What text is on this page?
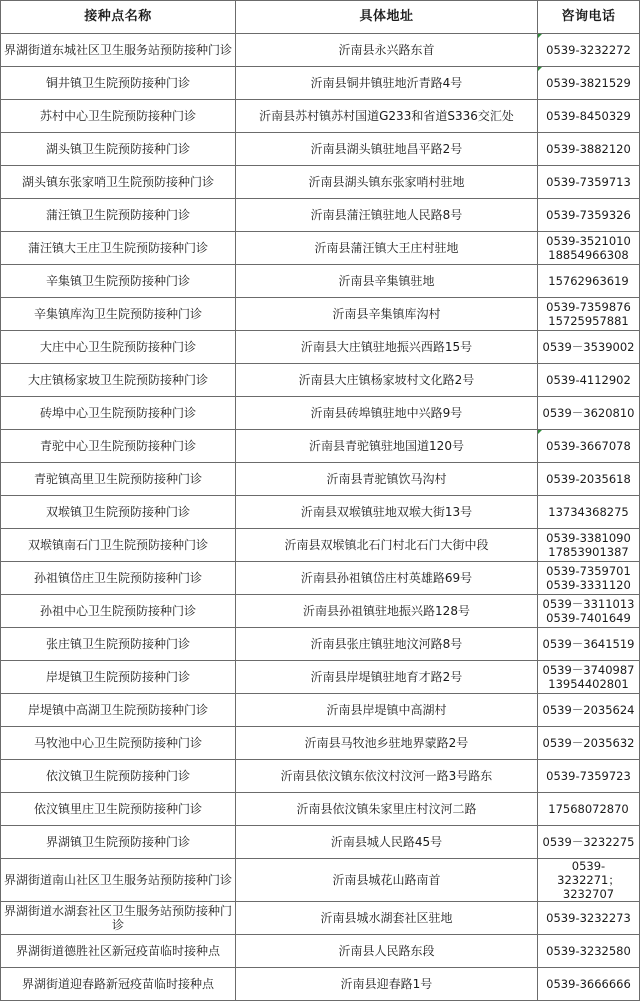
接种点名称	具体地址	咨询电话
界湖街道东城社区卫生服务站预防接种门诊	沂南县永兴路东首	0539-3232272

铜井镇卫生院预防接种门诊	沂南县铜井镇驻地沂青路4号	0539-3821529

苏村中心卫生院预防接种门诊	沂南县苏村镇苏村国道G233和省道S336交汇处	0539-8450329
湖头镇卫生院预防接种门诊	沂南县湖头镇驻地昌平路2号	0539-3882120
湖头镇东张家哨卫生院预防接种门诊	沂南县湖头镇东张家哨村驻地	0539-7359713
蒲汪镇卫生院预防接种门诊	沂南县蒲汪镇驻地人民路8号	0539-7359326
蒲汪镇大王庄卫生院预防接种门诊	沂南县蒲汪镇大王庄村驻地	0539-3521010
18854966308
辛集镇卫生院预防接种门诊	沂南县辛集镇驻地	15762963619
辛集镇库沟卫生院预防接种门诊	沂南县辛集镇库沟村	0539-7359876
15725957881
大庄中心卫生院预防接种门诊	沂南县大庄镇驻地振兴西路15号	0539－3539002
大庄镇杨家坡卫生院预防接种门诊	沂南县大庄镇杨家坡村文化路2号	0539-4112902
砖埠中心卫生院预防接种门诊	沂南县砖埠镇驻地中兴路9号	0539－3620810
青驼中心卫生院预防接种门诊	沂南县青驼镇驻地国道120号	0539-3667078

青驼镇高里卫生院预防接种门诊	沂南县青驼镇饮马沟村	0539-2035618
双堠镇卫生院预防接种门诊	沂南县双堠镇驻地双堠大街13号	13734368275
双堠镇南石门卫生院预防接种门诊	沂南县双堠镇北石门村北石门大街中段	0539-3381090
17853901387
孙祖镇岱庄卫生院预防接种门诊	沂南县孙祖镇岱庄村英雄路69号	0539-7359701
0539-3331120
孙祖中心卫生院预防接种门诊	沂南县孙祖镇驻地振兴路128号	0539－3311013
0539-7401649
张庄镇卫生院预防接种门诊	沂南县张庄镇驻地汶河路8号	0539－3641519
岸堤镇卫生院预防接种门诊	沂南县岸堤镇驻地育才路2号	0539－3740987
13954402801
岸堤镇中高湖卫生院预防接种门诊	沂南县岸堤镇中高湖村	0539－2035624
马牧池中心卫生院预防接种门诊	沂南县马牧池乡驻地界蒙路2号	0539－2035632
依汶镇卫生院预防接种门诊	沂南县依汶镇东依汶村汶河一路3号路东	0539-7359723
依汶镇里庄卫生院预防接种门诊	沂南县依汶镇朱家里庄村汶河二路	17568072870
界湖镇卫生院预防接种门诊	沂南县城人民路45号	0539－3232275
界湖街道南山社区卫生服务站预防接种门诊	沂南县城花山路南首	0539-
3232271；3232707
界湖街道水湖套社区卫生服务站预防接种门诊	沂南县城水湖套社区驻地	0539-3232273
界湖街道德胜社区新冠疫苗临时接种点	沂南县人民路东段	0539-3232580
界湖街道迎春路新冠疫苗临时接种点	沂南县迎春路1号	0539-3666666
